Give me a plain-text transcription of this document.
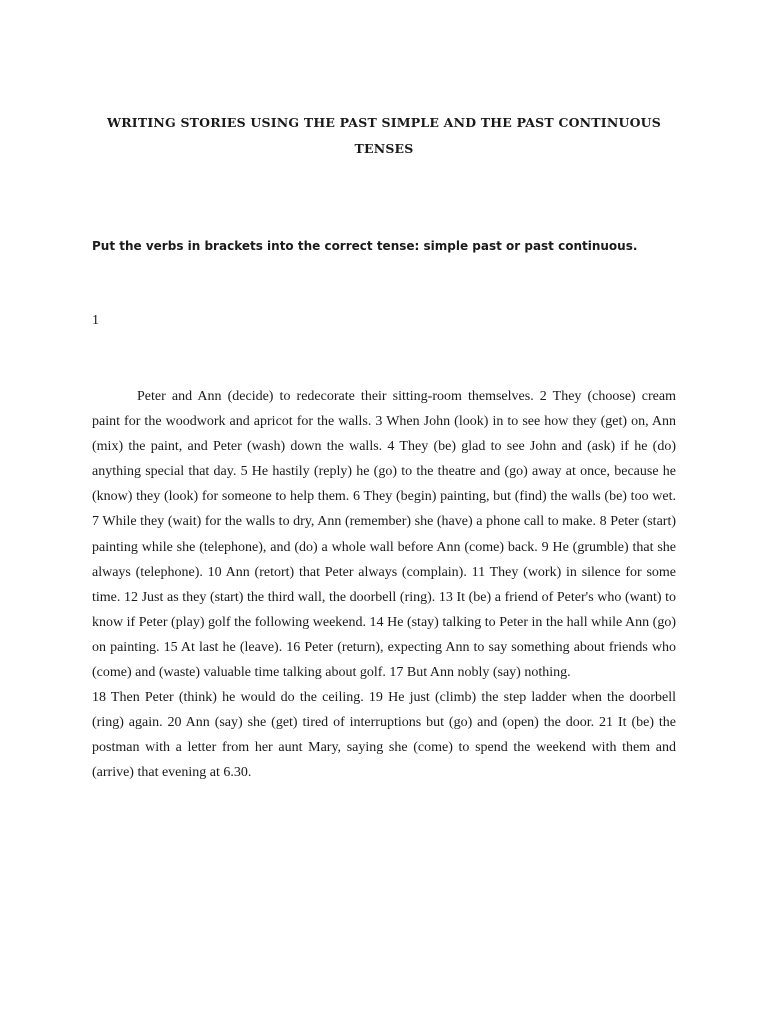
WRITING STORIES USING THE PAST SIMPLE AND THE PAST CONTINUOUS TENSES
Put the verbs in brackets into the correct tense: simple past or past continuous.
1

Peter and Ann (decide) to redecorate their sitting-room themselves. 2 They (choose) cream paint for the woodwork and apricot for the walls. 3 When John (look) in to see how they (get) on, Ann (mix) the paint, and Peter (wash) down the walls. 4 They (be) glad to see John and (ask) if he (do) anything special that day. 5 He hastily (reply) he (go) to the theatre and (go) away at once, because he (know) they (look) for someone to help them. 6 They (begin) painting, but (find) the walls (be) too wet. 7 While they (wait) for the walls to dry, Ann (remember) she (have) a phone call to make. 8 Peter (start) painting while she (telephone), and (do) a whole wall before Ann (come) back. 9 He (grumble) that she always (telephone). 10 Ann (retort) that Peter always (complain). 11 They (work) in silence for some time. 12 Just as they (start) the third wall, the doorbell (ring). 13 It (be) a friend of Peter's who (want) to know if Peter (play) golf the following weekend. 14 He (stay) talking to Peter in the hall while Ann (go) on painting. 15 At last he (leave). 16 Peter (return), expecting Ann to say something about friends who (come) and (waste) valuable time talking about golf. 17 But Ann nobly (say) nothing.

18 Then Peter (think) he would do the ceiling. 19 He just (climb) the step ladder when the doorbell (ring) again. 20 Ann (say) she (get) tired of interruptions but (go) and (open) the door. 21 It (be) the postman with a letter from her aunt Mary, saying she (come) to spend the weekend with them and (arrive) that evening at 6.30.
